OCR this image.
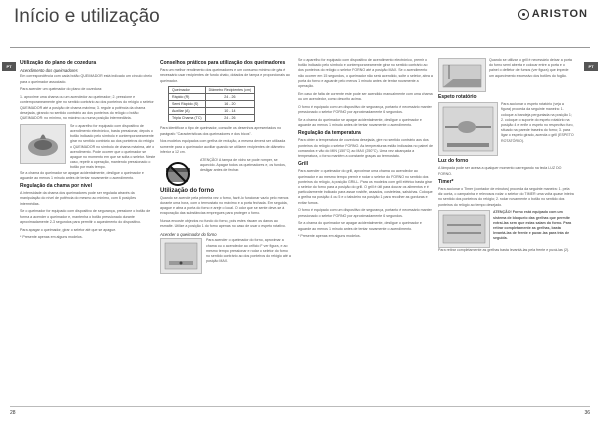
Início e utilização	ARISTON
PT	PT
Utilização do plano de cozedura
Acendimento dos queimadores

Em correspondência com cada botão QUEIMADOR está indicado um círculo cheio para o queimador associado.

Para acender um queimador do plano de cozedura:

1. aproxime uma chama ou um acendedor ao queimador; 2. pressione e contemporaneamente gire no sentido contrário ao dos ponteiros do relógio o seletor QUEIMADOR até a posição de chama máxima; 3. regule a potência da chama desejada, girando no sentido contrário ao dos ponteiros do relógio o botão QUEIMADOR: no mínimo, no máximo ou numa posição intermediária.

Se o aparelho for equipado com dispositivo de acendimento electrónico, basta pressionar, depois o botão indicado pelo símbolo e contemporaneamente girar no sentido contrário ao dos ponteiros do relógio o QUEIMADOR no símbolo de chama máxima, até o acendimento. Pode ocorrer que o queimador se apague no momento em que se solta o seletor. Neste caso, repetir a operação, mantendo pressionado o botão por mais tempo.

Se a chama do queimador se apagar acidentalmente, desligue o queimador e aguarde ao menos 1 minuto antes de tentar novamente o acendimento.

Regulação da chama por nível

A intensidade da chama dos queimadores pode ser regulada através da manipulação do nível de potência do mesmo ao mínimo, com 6 posições intermédias.

Se o queimador for equipado com dispositivo de segurança, pressione o botão de forma a acender o queimador e, mantenha o botão pressionado durante aproximadamente 2-3 segundos para permitir o aquecimento do dispositivo.

Para apagar o queimador, girar o seletor até que se apague.

* Presente apenas em alguns modelos.

Conselhos práticos para utilização dos queimadores

Para um melhor rendimento dos queimadores e um consumo mínimo de gás é necessário usar recipientes de fundo chato, dotados de tampa e proporcionais ao queimador.

Queimador	Diâmetro Recipientes (cm)
Rápido (R)	24 - 26
Semi Rápido (S)	16 - 20
Auxiliar (A)	10 - 14
Tripla Chama (TC)	24 - 26

Para identificar o tipo de queimador, consulte os desenhos apresentados no parágrafo "Características dos queimadores e dos bicos".

Nos modelos equipados com grelha de redução, a mesma deverá ser utilizada somente para o queimador auxiliar quando se utilizem recipientes de diâmetro inferior a 12 cm.

ATENÇÃO! A tampa de vidro se pode romper, se aquecido. Apagar todos os queimadores e, os fundos, desligar antes de fechar.

Utilização do forno

Quando se acende pela primeira vez o forno, fazê-lo funcionar vazio pelo menos durante uma hora, com o termostato no máximo e a porta fechada. Em seguida, apague e abra a porta do forno e areje o local. O odor que se sente deve-se à evaporação das substâncias empregues para proteger o forno.

Nunca encoste objectos no fundo do forno, pois estes riscam os danos ao esmalte. Utilize a posição 1 do forno apenas no caso de usar o espeto rotativo.

Acender o queimador do forno

Para acender o queimador do forno, aproximar a chama ou o acendedor ao orifício F ver figura, e ao mesmo tempo pressionar e rodar o seletor do forno no sentido contrário ao dos ponteiros do relógio até a posição MAX.

Se o aparelho for equipado com dispositivo de acendimento electrónico, premir o botão indicado pelo símbolo e contemporaneamente girar no sentido contrário ao dos ponteiros do relógio o seletor FORNO até a posição MAX. Se o acendimento não ocorrer em 15 segundos, o queimador não será acendido, solte o seletor, abra a porta do forno e aguarde pelo menos 1 minuto antes de tentar novamente a operação.

Em caso de falta de corrente este pode ser acendido manualmente com uma chama ou um acendedor, como descrito acima.

O forno é equipado com um dispositivo de segurança, portanto é necessário manter pressionado o seletor FORNO por aproximadamente 6 segundos.

Se a chama do queimador se apagar acidentalmente, desligue o queimador e aguarde ao menos 1 minuto antes de tentar novamente o acendimento.

Regulação da temperatura

Para obter a temperatura de cozedura desejada, gire no sentido contrário aos dos ponteiros do relógio o seletor FORNO. As temperaturas estão indicadas no painel de comandos e vão do MIN (150°C) ao MAX (250°C). Uma vez alcançada a temperatura, o forno mantém a constante graças ao termostato.

Grill

Para acender o queimador do grill, aproximar uma chama ou acendedor ao queimador e ao mesmo tempo premir e rodar o seletor do FORNO no sentido dos ponteiros do relógio, à posição GRILL. Para os modelos com grill elétrico basta girar o seletor do forno para a posição do grill. O grill é útil para dourar os alimentos e é particularmente indicado para assar rosbife, assados, costeletas, salsichas. Coloque a grelha na posição 4 ou 5 e o tabuleiro na posição 1 para recolher as gorduras e evitar fumos.

O forno é equipado com um dispositivo de segurança, portanto é necessário manter pressionado o seletor FORNO por aproximadamente 6 segundos.

Se a chama do queimador se apagar acidentalmente, desligue o queimador e aguarde ao menos 1 minuto antes de tentar novamente o acendimento.

* Presente apenas em alguns modelos.

Quando se utilizar o grill é necessário deixar a porta do forno semi aberta e colocar entre a porta e o painel o defletor de fumos (ver figura) que impede um aquecimento excessivo dos botões do fogão.

Espeto rotatório

Para accionar o espeto rotatório (veja a figura) proceda da seguinte maneira: 1. coloque a bandeja perguntada na posição 1; 2. coloque o suporte do espeto rotatório na posição 4 e enfie o espeto no respectivo furo, situado na parede traseira do forno; 3. para ligar o espeto girado, acenda o grill (ESPETO ROTATÓRIO).

Luz do forno

A lâmpada pode ser acesa a qualquer momento carregando na tecla LUZ DO FORNO.

Timer*

Para accionar o Timer (contador de minutos) proceda da seguinte maneira: 1. pela diz conta, o campainha e relevosos rodar o seletor do TIMER uma volta quase inteira no sentido dos ponteiros do relógio; 2. rodar novamente o botão no sentido dos ponteiros do relógio ao tempo desejado.

ATENÇÃO! Forno está equipado com um sistema de bloqueio das grelhas que permite extraí-las sem que estas saiam do forno. Para retirar completamente as grelhas, basta levantá-las de frente e puxar-las para trás de seguida.

Para retirar completamente as grelhas basta levantá-las pela frente e puxá-las (2).

28	36
